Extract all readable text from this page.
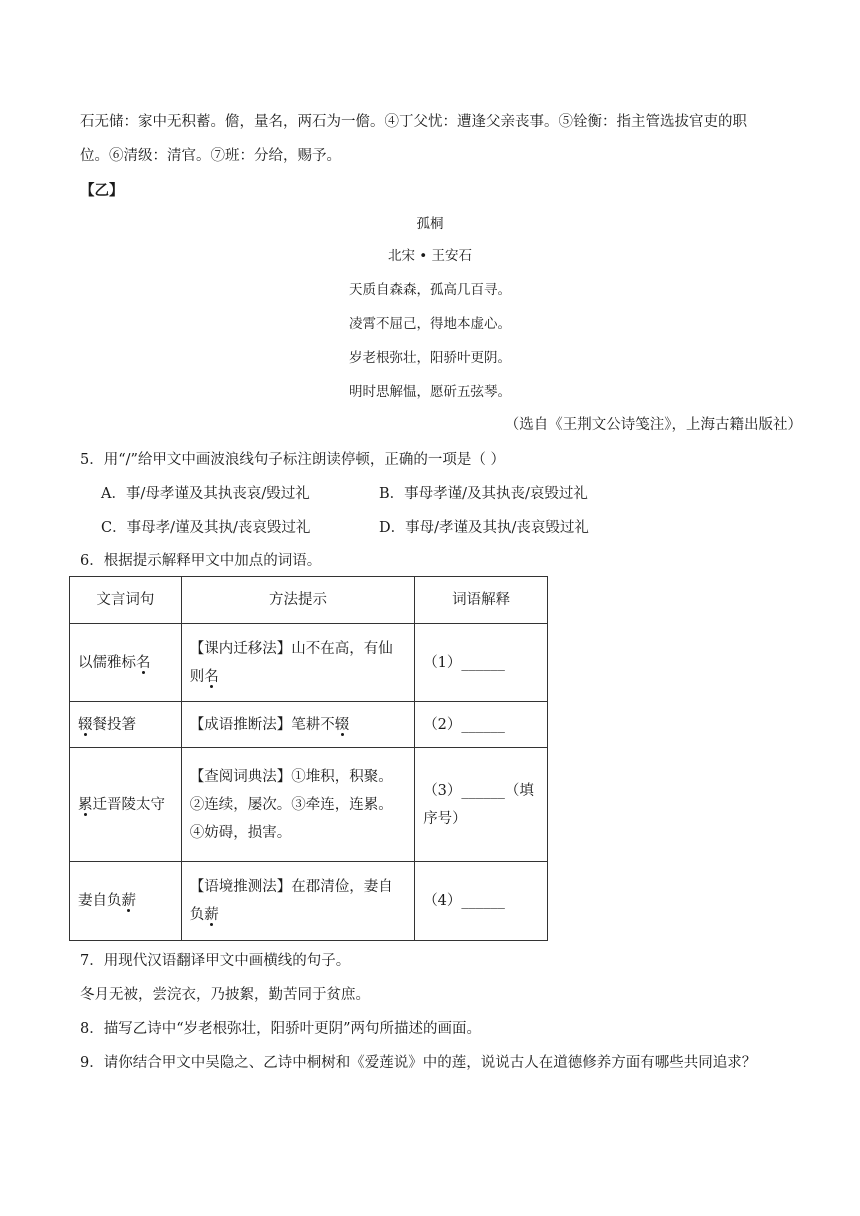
石无储：家中无积蓄。儋，量名，两石为一儋。④丁父忧：遭逢父亲丧事。⑤铨衡：指主管选拔官吏的职
位。⑥清级：清官。⑦班：分给，赐予。
【乙】
孤桐
北宋 • 王安石
天质自森森，孤高几百寻。
凌霄不屈己，得地本虚心。
岁老根弥壮，阳骄叶更阴。
明时思解愠，愿斫五弦琴。
（选自《王荆文公诗笺注》，上海古籍出版社）
5．用“/”给甲文中画波浪线句子标注朗读停顿，正确的一项是（ ）
A．事/母孝谨及其执丧哀/毁过礼	B．事母孝谨/及其执丧/哀毁过礼
C．事母孝/谨及其执/丧哀毁过礼	D．事母/孝谨及其执/丧哀毁过礼
6．根据提示解释甲文中加点的词语。
文言词句	方法提示	词语解释
以儒雅标名	【课内迁移法】山不在高，有仙则名	（1）______
辍餐投箸	【成语推断法】笔耕不辍	（2）______
累迁晋陵太守	【查阅词典法】①堆积，积聚。②连续，屡次。③牵连，连累。④妨碍，损害。	（3）______（填序号）
妻自负薪	【语境推测法】在郡清俭，妻自负薪	（4）______
7．用现代汉语翻译甲文中画横线的句子。
冬月无被，尝浣衣，乃披絮，勤苦同于贫庶。
8．描写乙诗中“岁老根弥壮，阳骄叶更阴”两句所描述的画面。
9．请你结合甲文中吴隐之、乙诗中桐树和《爱莲说》中的莲，说说古人在道德修养方面有哪些共同追求？
